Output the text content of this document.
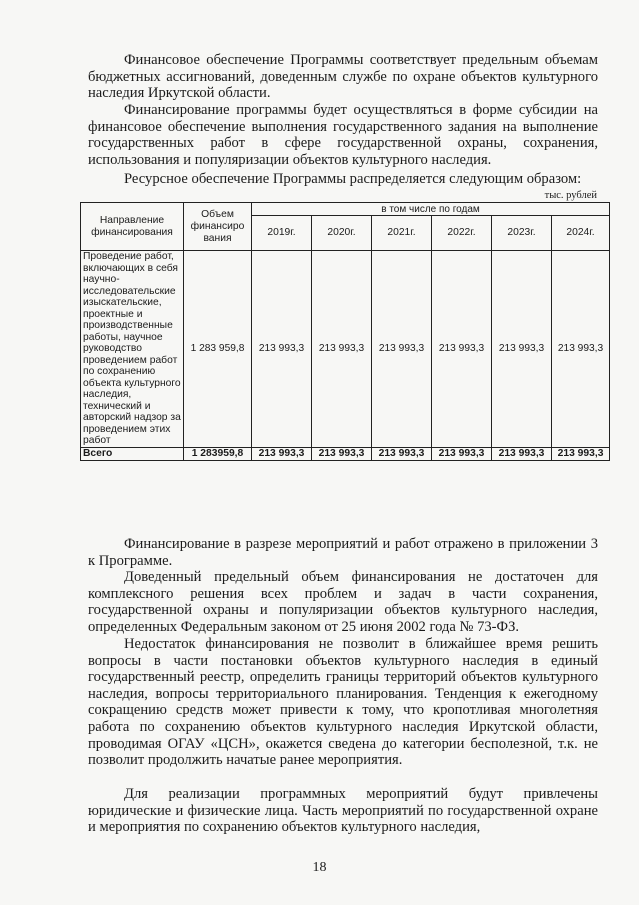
Финансовое обеспечение Программы соответствует предельным объемам бюджетных ассигнований, доведенным службе по охране объектов культурного наследия Иркутской области.

Финансирование программы будет осуществляться в форме субсидии на финансовое обеспечение выполнения государственного задания на выполнение государственных работ в сфере государственной охраны, сохранения, использования и популяризации объектов культурного наследия.

Ресурсное обеспечение Программы распределяется следующим образом:

тыс. рублей
Направление финансирования	Объем финансиро вания	в том числе по годам					
		2019г.	2020г.	2021г.	2022г.	2023г.	2024г.
Проведение работ, включающих в себя научно-исследовательские изыскательские, проектные и производственные работы, научное руководство проведением работ по сохранению объекта культурного наследия, технический и авторский надзор за проведением этих работ	1 283 959,8	213 993,3	213 993,3	213 993,3	213 993,3	213 993,3	213 993,3
Всего	1 283959,8	213 993,3	213 993,3	213 993,3	213 993,3	213 993,3	213 993,3

Финансирование в разрезе мероприятий и работ отражено в приложении 3 к Программе.

Доведенный предельный объем финансирования не достаточен для комплексного решения всех проблем и задач в части сохранения, государственной охраны и популяризации объектов культурного наследия, определенных Федеральным законом от 25 июня 2002 года № 73-ФЗ.

Недостаток финансирования не позволит в ближайшее время решить вопросы в части постановки объектов культурного наследия в единый государственный реестр, определить границы территорий объектов культурного наследия, вопросы территориального планирования. Тенденция к ежегодному сокращению средств может привести к тому, что кропотливая многолетняя работа по сохранению объектов культурного наследия Иркутской области, проводимая ОГАУ «ЦСН», окажется сведена до категории бесполезной, т.к. не позволит продолжить начатые ранее мероприятия.

Для реализации программных мероприятий будут привлечены юридические и физические лица. Часть мероприятий по государственной охране и мероприятия по сохранению объектов культурного наследия,

18
